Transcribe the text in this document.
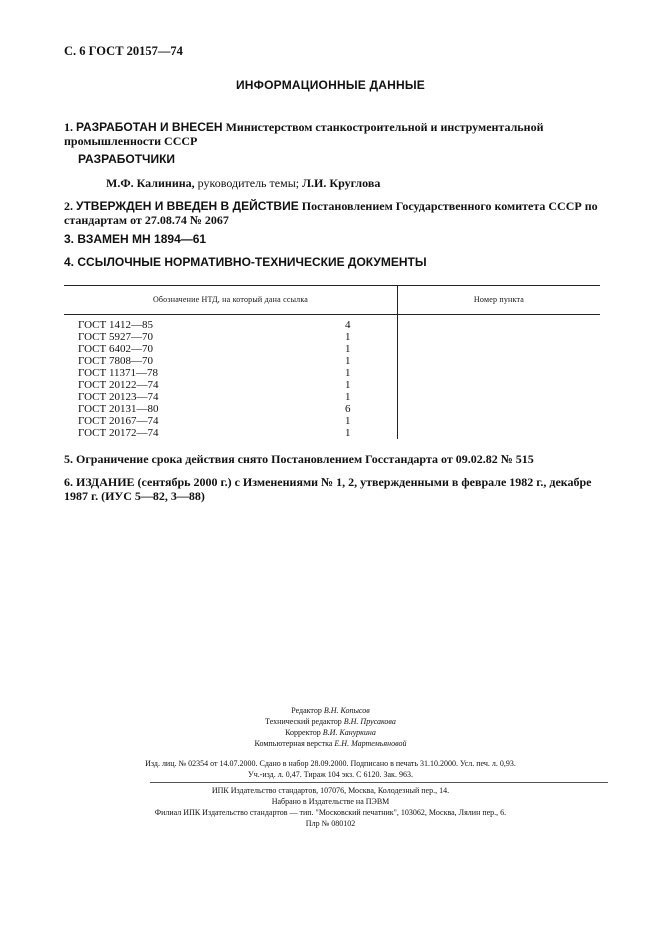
С. 6 ГОСТ 20157—74
ИНФОРМАЦИОННЫЕ ДАННЫЕ
1. РАЗРАБОТАН И ВНЕСЕН Министерством станкостроительной и инструментальной промышленности СССР
РАЗРАБОТЧИКИ
М.Ф. Калинина, руководитель темы; Л.И. Круглова
2. УТВЕРЖДЕН И ВВЕДЕН В ДЕЙСТВИЕ Постановлением Государственного комитета СССР по стандартам от 27.08.74 № 2067
3. ВЗАМЕН МН 1894—61
4. ССЫЛОЧНЫЕ НОРМАТИВНО-ТЕХНИЧЕСКИЕ ДОКУМЕНТЫ
Обозначение НТД, на который дана ссылка	Номер пункта
ГОСТ 1412—85	4
ГОСТ 5927—70	1
ГОСТ 6402—70	1
ГОСТ 7808—70	1
ГОСТ 11371—78	1
ГОСТ 20122—74	1
ГОСТ 20123—74	1
ГОСТ 20131—80	6
ГОСТ 20167—74	1
ГОСТ 20172—74	1
5. Ограничение срока действия снято Постановлением Госстандарта от 09.02.82 № 515
6. ИЗДАНИЕ (сентябрь 2000 г.) с Изменениями № 1, 2, утвержденными в феврале 1982 г., декабре 1987 г. (ИУС 5—82, 3—88)
Редактор В.Н. Копысов
Технический редактор В.Н. Прусакова
Корректор В.И. Кануркина
Компьютерная верстка Е.Н. Мартемьяновой
Изд. лиц. № 02354 от 14.07.2000. Сдано в набор 28.09.2000. Подписано в печать 31.10.2000. Усл. печ. л. 0,93.
Уч.-изд. л. 0,47. Тираж 104 экз. С 6120. Зак. 963.
ИПК Издательство стандартов, 107076, Москва, Колодезный пер., 14.
Набрано в Издательстве на ПЭВМ
Филиал ИПК Издательство стандартов — тип. "Московский печатник", 103062, Москва, Лялин пер., 6.
Плр № 080102
